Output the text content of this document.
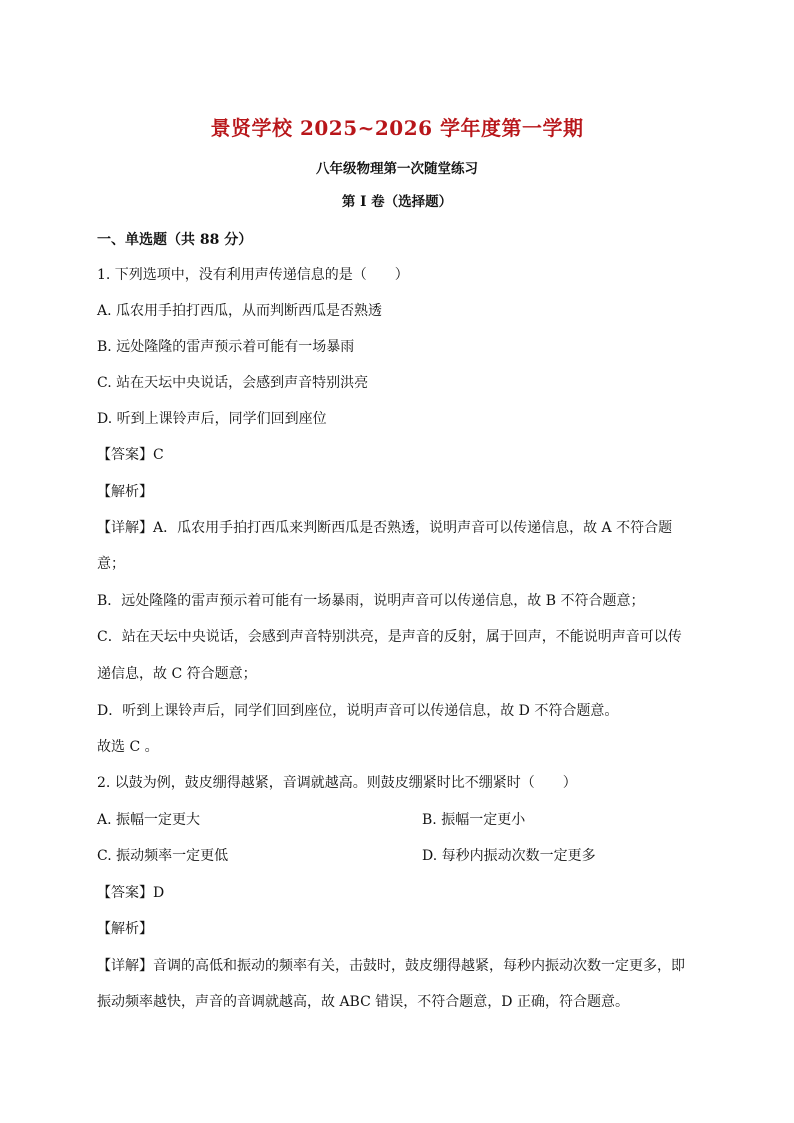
景贤学校 2025~2026 学年度第一学期
八年级物理第一次随堂练习
第 I 卷（选择题）
一、单选题（共 88 分）
1. 下列选项中，没有利用声传递信息的是（　　）
A. 瓜农用手拍打西瓜，从而判断西瓜是否熟透
B. 远处隆隆的雷声预示着可能有一场暴雨
C. 站在天坛中央说话，会感到声音特别洪亮
D. 听到上课铃声后，同学们回到座位
【答案】C
【解析】
【详解】A．瓜农用手拍打西瓜来判断西瓜是否熟透，说明声音可以传递信息，故 A 不符合题
意；
B．远处隆隆的雷声预示着可能有一场暴雨，说明声音可以传递信息，故 B 不符合题意；
C．站在天坛中央说话，会感到声音特别洪亮，是声音的反射，属于回声，不能说明声音可以传
递信息，故 C 符合题意；
D．听到上课铃声后，同学们回到座位，说明声音可以传递信息，故 D 不符合题意。
故选 C 。
2. 以鼓为例，鼓皮绷得越紧，音调就越高。则鼓皮绷紧时比不绷紧时（　　）
A. 振幅一定更大	B. 振幅一定更小
C. 振动频率一定更低	D. 每秒内振动次数一定更多
【答案】D
【解析】
【详解】音调的高低和振动的频率有关，击鼓时，鼓皮绷得越紧，每秒内振动次数一定更多，即
振动频率越快，声音的音调就越高，故 ABC 错误，不符合题意，D 正确，符合题意。
